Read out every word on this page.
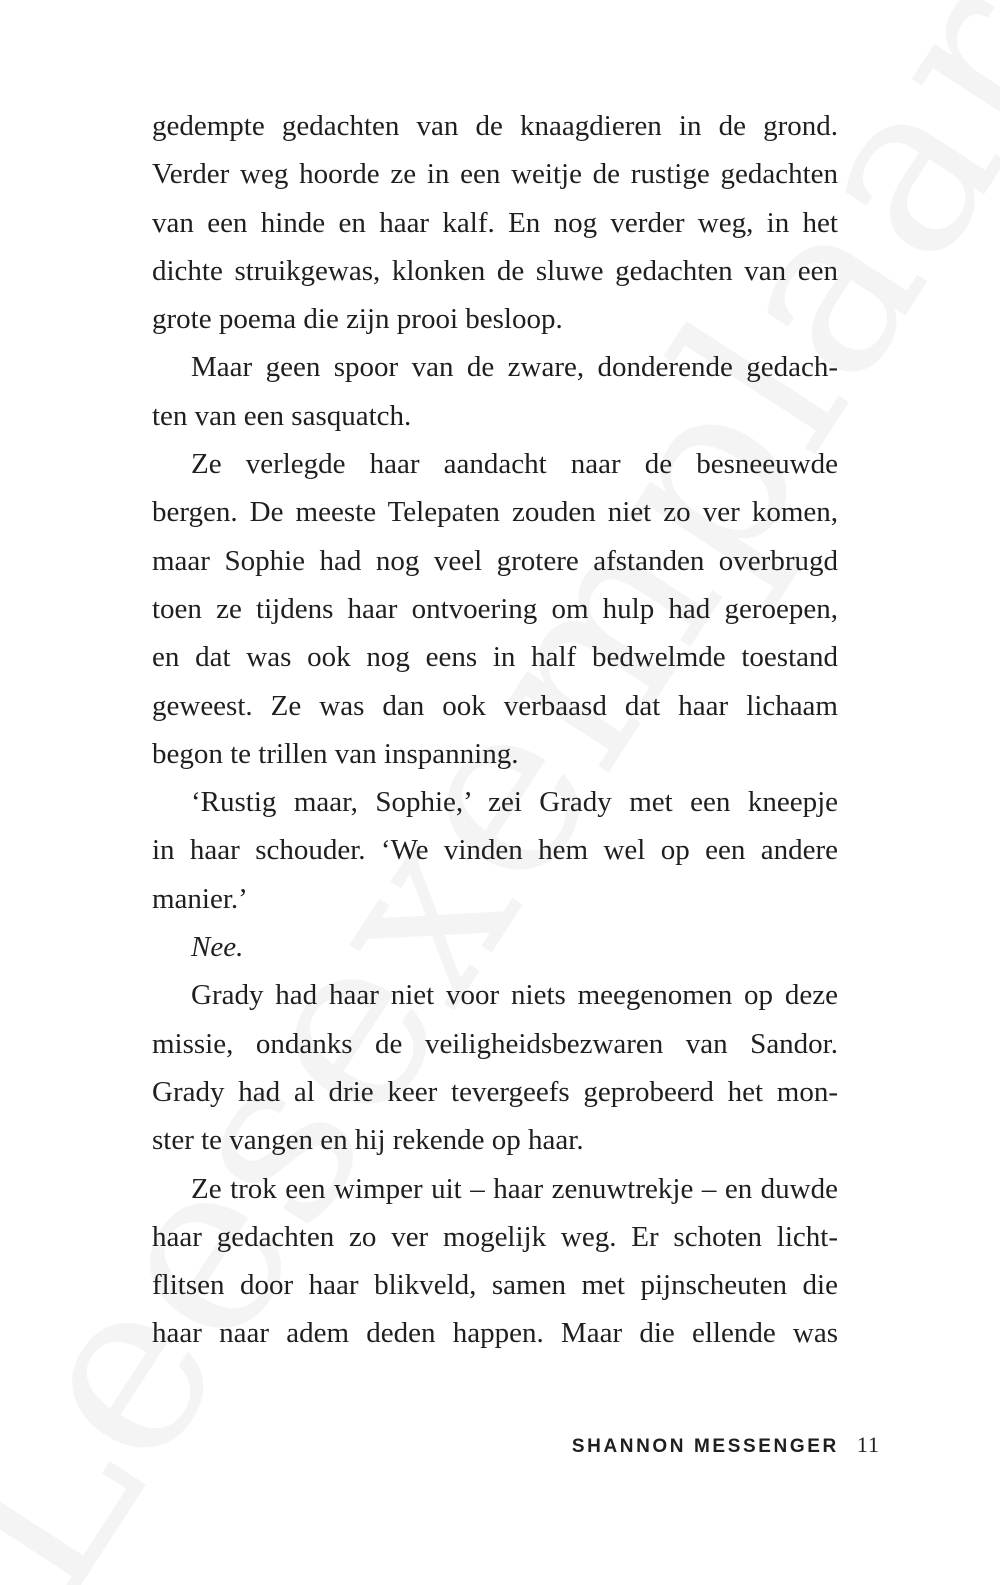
gedempte gedachten van de knaagdieren in de grond.
Verder weg hoorde ze in een weitje de rustige gedachten
van een hinde en haar kalf. En nog verder weg, in het
dichte struikgewas, klonken de sluwe gedachten van een
grote poema die zijn prooi besloop.
Maar geen spoor van de zware, donderende gedach-
ten van een sasquatch.
Ze verlegde haar aandacht naar de besneeuwde
bergen. De meeste Telepaten zouden niet zo ver komen,
maar Sophie had nog veel grotere afstanden overbrugd
toen ze tijdens haar ontvoering om hulp had geroepen,
en dat was ook nog eens in half bedwelmde toestand
geweest. Ze was dan ook verbaasd dat haar lichaam
begon te trillen van inspanning.
‘Rustig maar, Sophie,’ zei Grady met een kneepje
in haar schouder. ‘We vinden hem wel op een andere
manier.’
Nee.
Grady had haar niet voor niets meegenomen op deze
missie, ondanks de veiligheidsbezwaren van Sandor.
Grady had al drie keer tevergeefs geprobeerd het mon-
ster te vangen en hij rekende op haar.
Ze trok een wimper uit – haar zenuwtrekje – en duwde
haar gedachten zo ver mogelijk weg. Er schoten licht-
flitsen door haar blikveld, samen met pijnscheuten die
haar naar adem deden happen. Maar die ellende was
SHANNON MESSENGER 11
